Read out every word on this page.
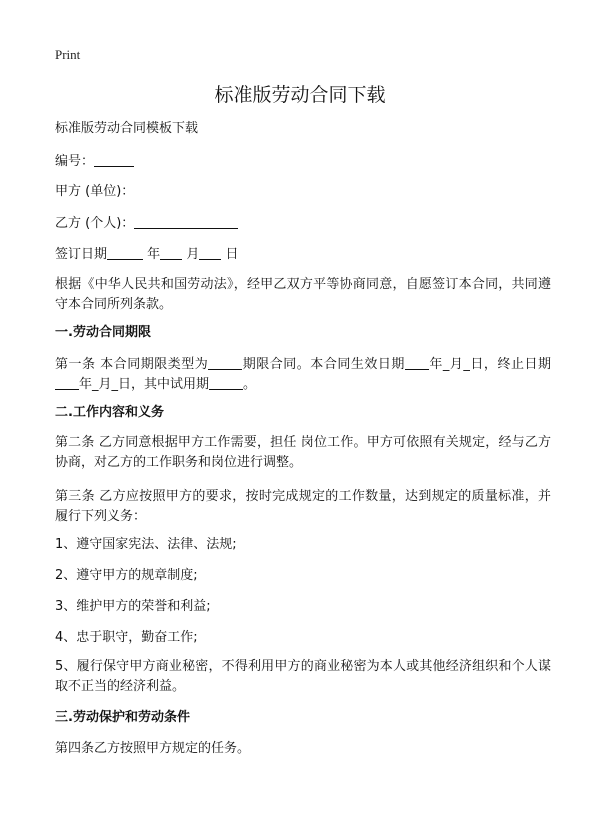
Print
标准版劳动合同下载
标准版劳动合同模板下载
编号：
甲方 (单位)：
乙方 (个人)：
签订日期	年 月 日
根据《中华人民共和国劳动法》，经甲乙双方平等协商同意，自愿签订本合同，共同遵守本合同所列条款。
一.劳动合同期限
第一条 本合同期限类型为	期限合同。本合同生效日期 年_月_日，终止日期年_月_日，其中试用期	。
二.工作内容和义务
第二条 乙方同意根据甲方工作需要，担任 岗位工作。甲方可依照有关规定，经与乙方协商，对乙方的工作职务和岗位进行调整。
第三条 乙方应按照甲方的要求，按时完成规定的工作数量，达到规定的质量标准，并履行下列义务：
1、遵守国家宪法、法律、法规;
2、遵守甲方的规章制度;
3、维护甲方的荣誉和利益;
4、忠于职守，勤奋工作;
5、履行保守甲方商业秘密，不得利用甲方的商业秘密为本人或其他经济组织和个人谋取不正当的经济利益。
三.劳动保护和劳动条件
第四条乙方按照甲方规定的任务。
